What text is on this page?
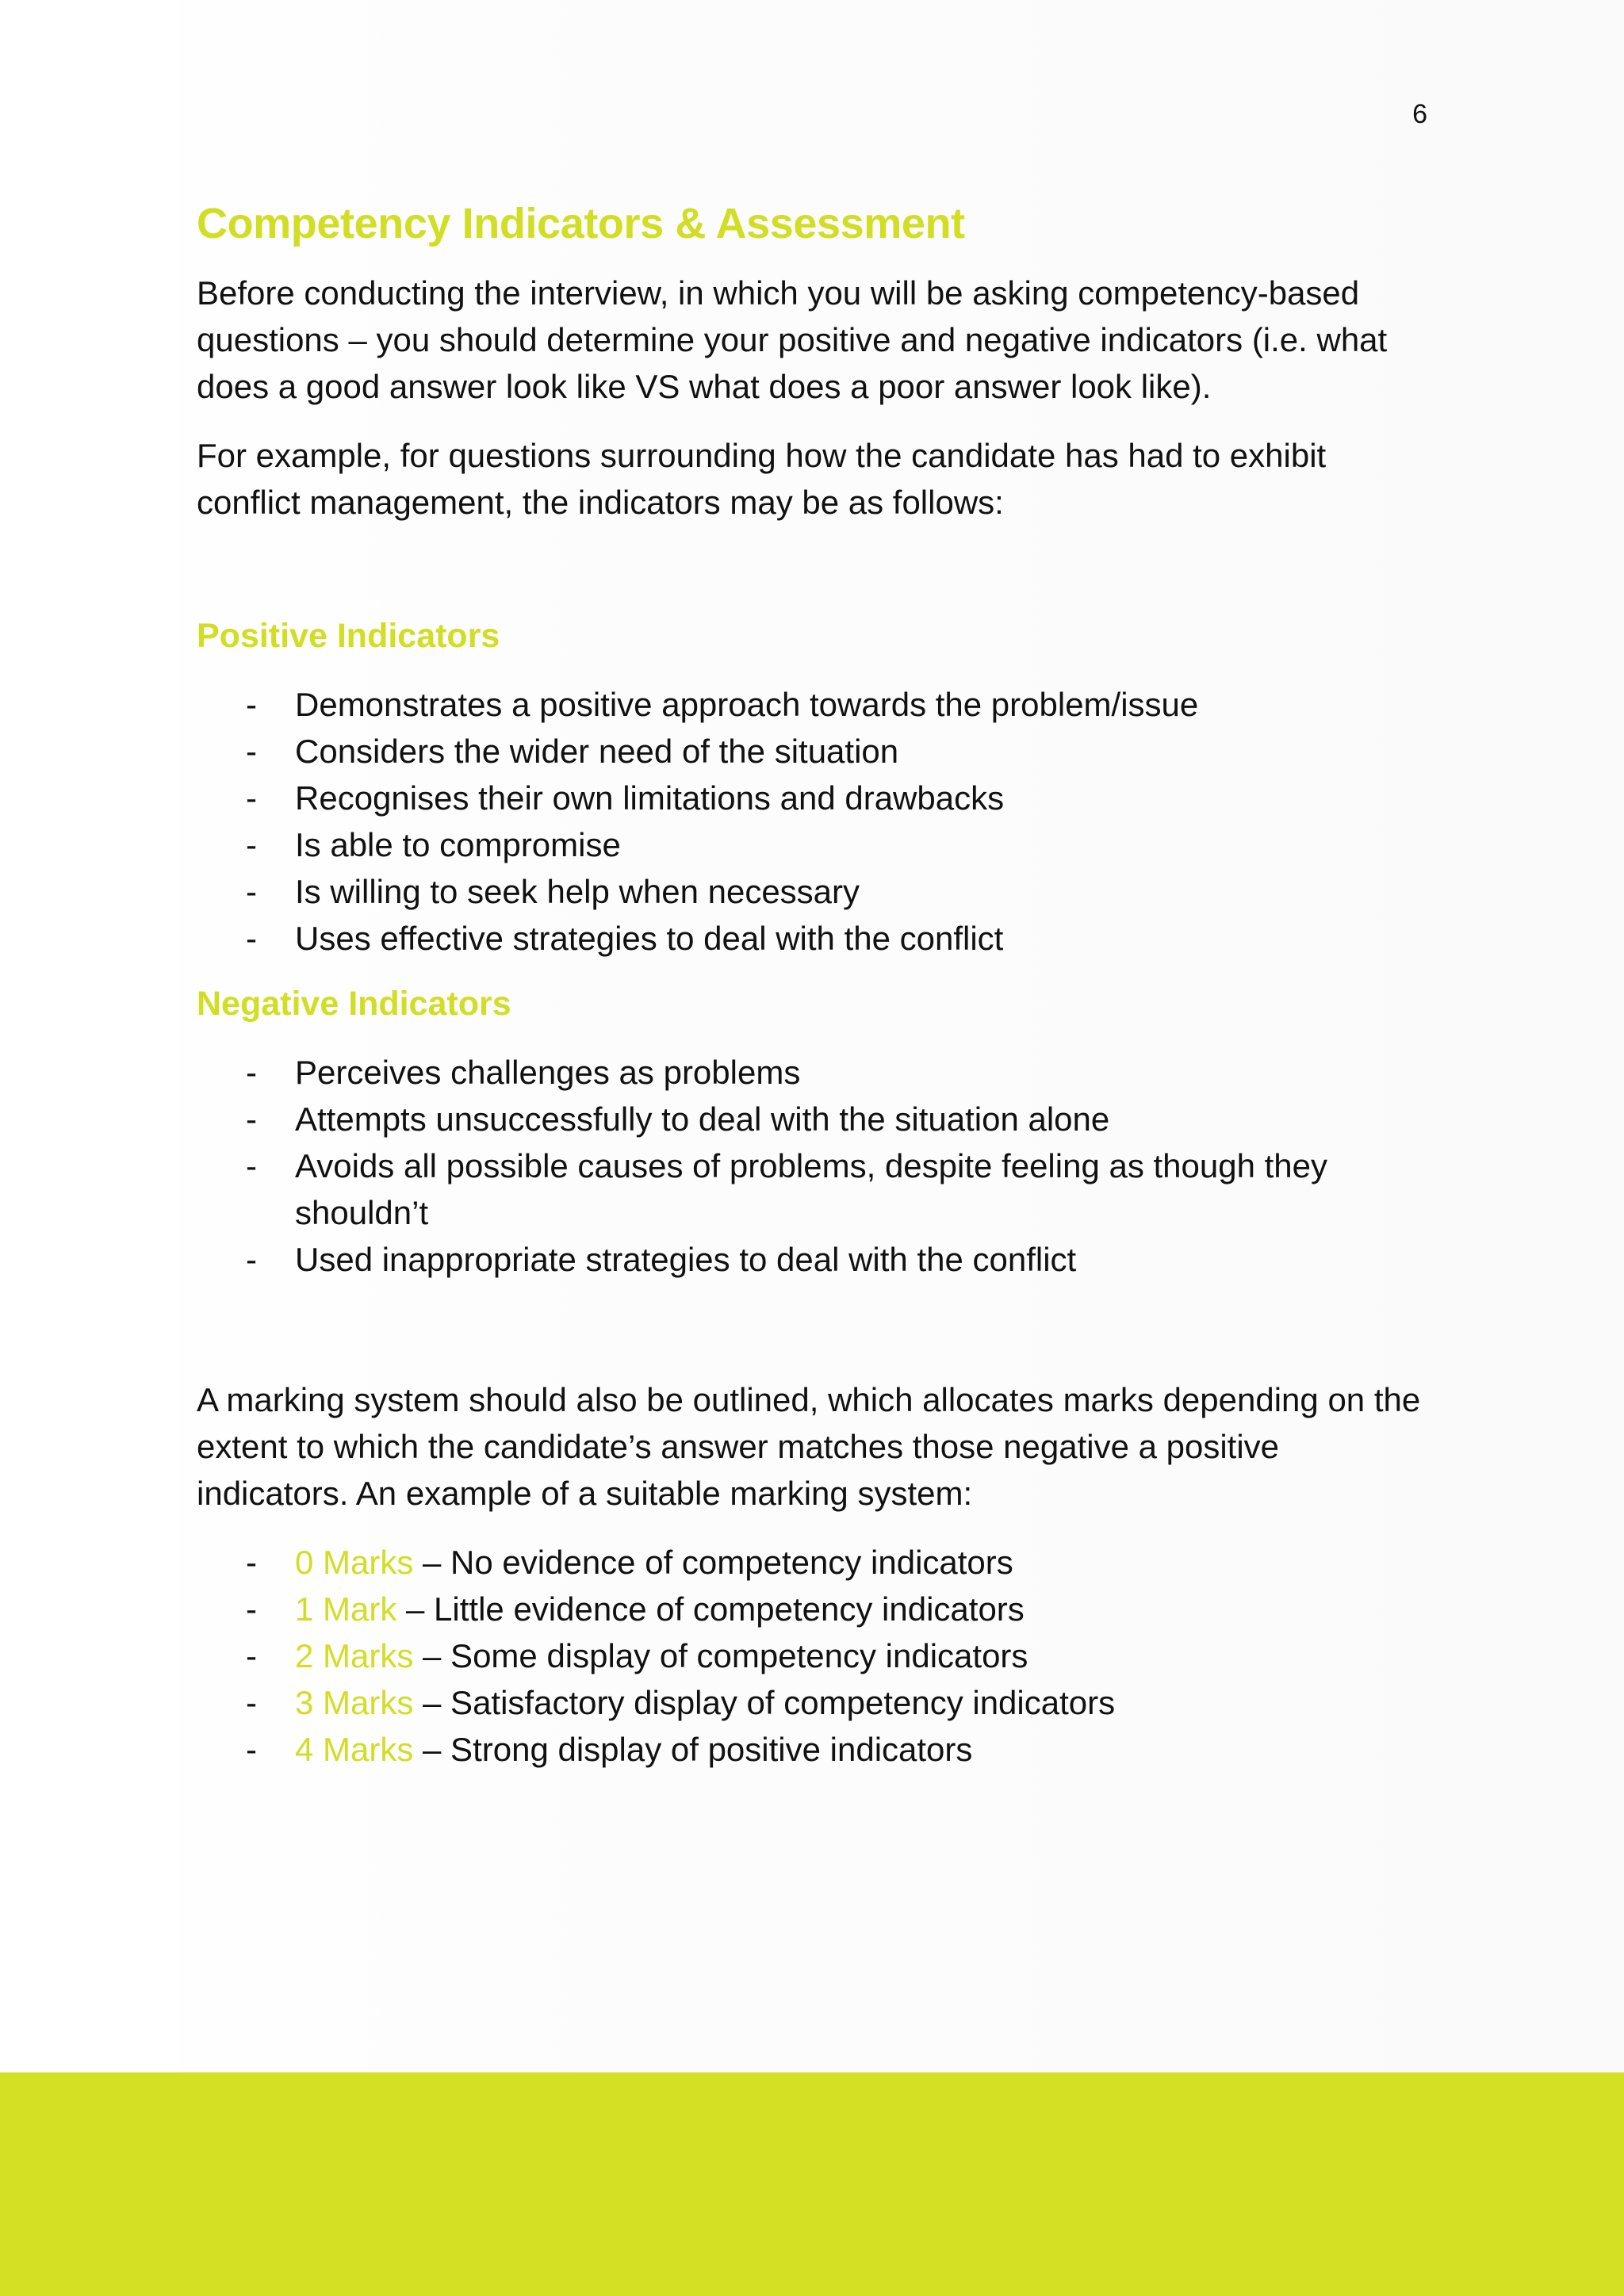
6
Competency Indicators & Assessment

Before conducting the interview, in which you will be asking competency-based questions – you should determine your positive and negative indicators (i.e. what does a good answer look like VS what does a poor answer look like).

For example, for questions surrounding how the candidate has had to exhibit conflict management, the indicators may be as follows:

Positive Indicators
- Demonstrates a positive approach towards the problem/issue
- Considers the wider need of the situation
- Recognises their own limitations and drawbacks
- Is able to compromise
- Is willing to seek help when necessary
- Uses effective strategies to deal with the conflict
Negative Indicators
- Perceives challenges as problems
- Attempts unsuccessfully to deal with the situation alone
- Avoids all possible causes of problems, despite feeling as though they shouldn’t
- Used inappropriate strategies to deal with the conflict

A marking system should also be outlined, which allocates marks depending on the extent to which the candidate’s answer matches those negative a positive indicators. An example of a suitable marking system:

- 0 Marks – No evidence of competency indicators
- 1 Mark – Little evidence of competency indicators
- 2 Marks – Some display of competency indicators
- 3 Marks – Satisfactory display of competency indicators
- 4 Marks – Strong display of positive indicators
